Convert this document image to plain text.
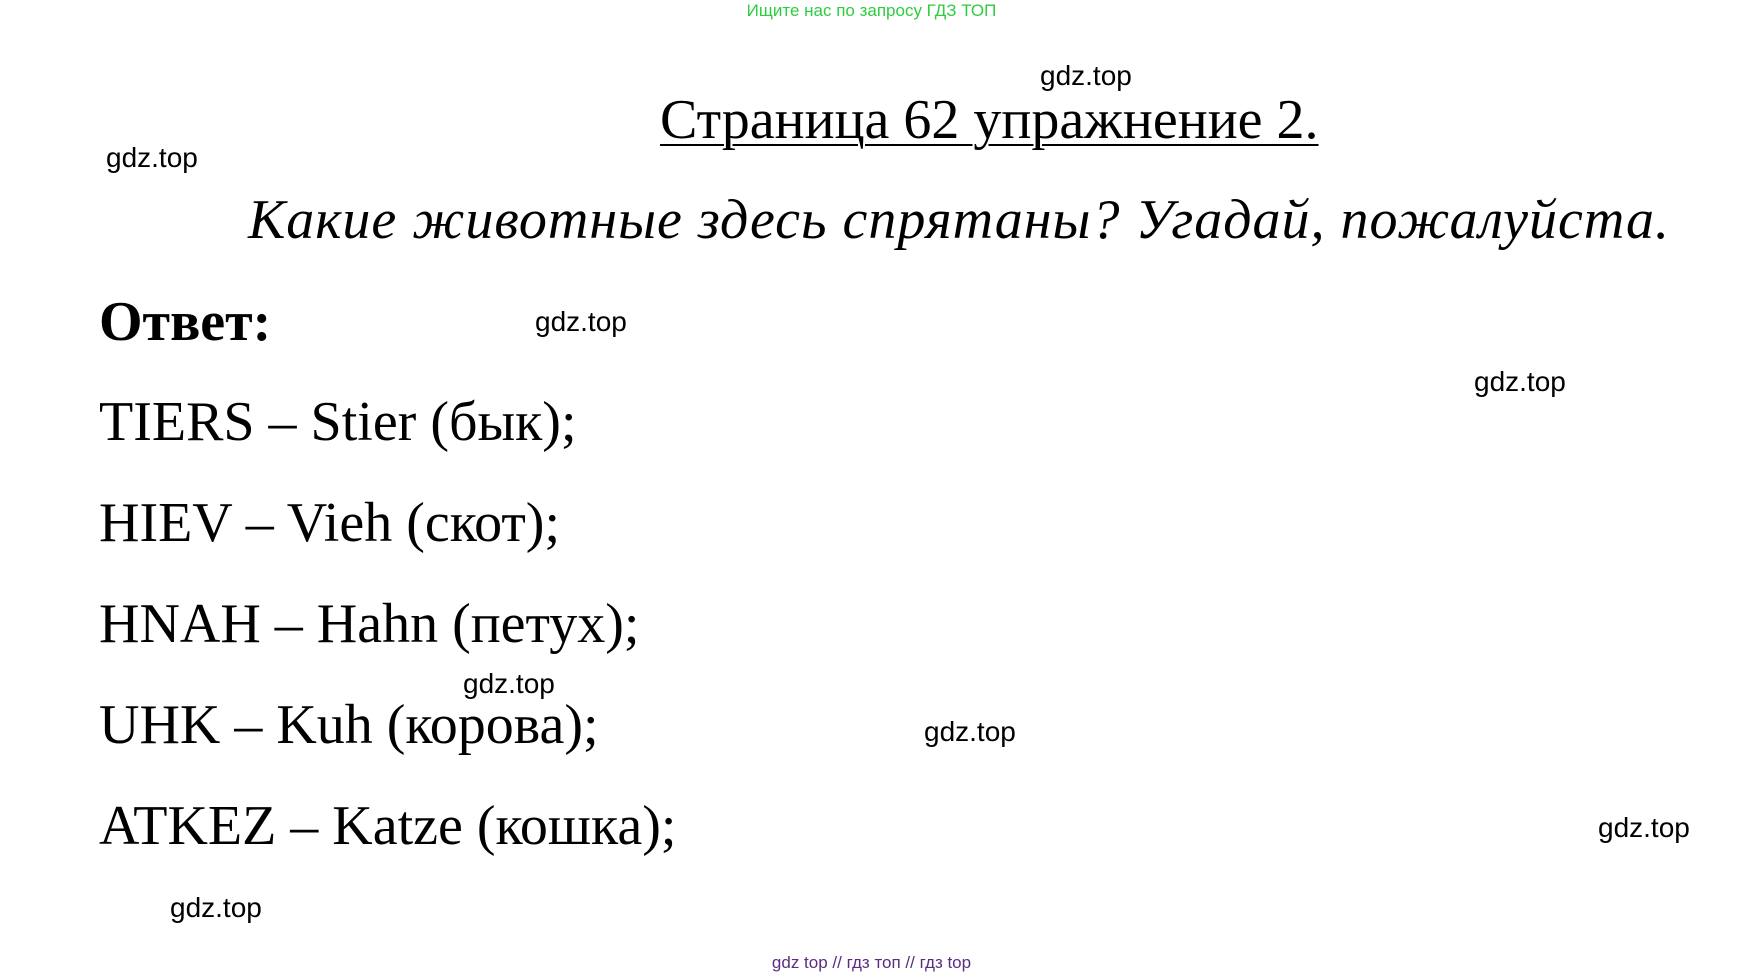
Ищите нас по запросу ГДЗ ТОП
gdz.top
gdz.top
gdz.top
gdz.top
gdz.top
gdz.top
gdz.top
gdz.top
Страница 62 упражнение 2.
Какие животные здесь спрятаны? Угадай, пожалуйста.
Ответ:
TIERS – Stier (бык);
HIEV – Vieh (скот);
HNAH – Hahn (петух);
UHK – Kuh (корова);
ATKEZ – Katze (кошка);
gdz top // гдз топ // гдз top
